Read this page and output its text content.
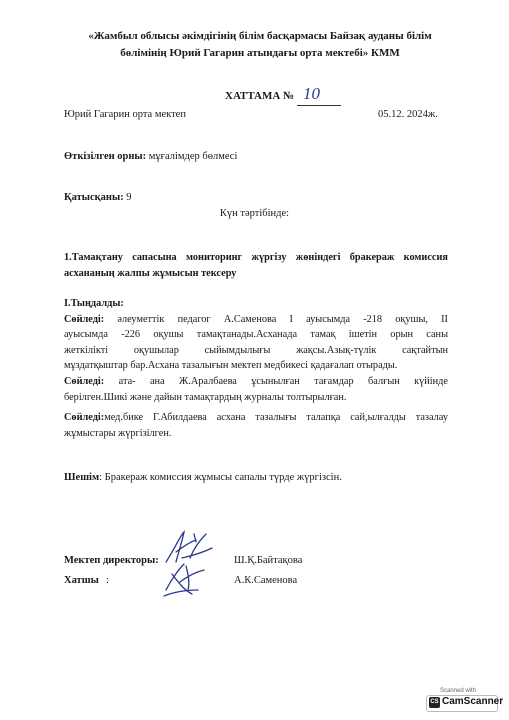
«Жамбыл облысы әкімдігінің білім басқармасы Байзақ ауданы білім
бөлімінің Юрий Гагарин атындағы орта мектебі» КММ
ХАТТАМА № 10
Юрий Гагарин орта мектеп	05.12. 2024ж.
Өткізілген орны: мұғалімдер бөлмесі
Қатысқаны: 9
Күн тәртібінде:
1.Тамақтану сапасына мониторинг жүргізу жөніндегі бракераж комиссия
асхананың жалпы жұмысын тексеру
І.Тыңдалды:
Сөйледі: әлеуметтік педагог А.Саменова І ауысымда -218 оқушы, ІІ
ауысымда -226 оқушы тамақтанады.Асханада тамақ ішетін орын саны
жеткілікті оқушылар сыйымдылығы жақсы.Азық-түлік сақтайтын
мұздатқыштар бар.Асхана тазалығын мектеп медбикесі қадағалап отырады.
Сөйледі: ата- ана Ж.Аралбаева ұсынылған тағамдар балғын күйінде
берілген.Шикі және дайын тамақтардың журналы толтырылған.
Сөйледі:мед.бике Г.Абилдаева асхана тазалығы талапқа сай,ылғалды тазалау
жұмыстары жүргізілген.
Шешім: Бракераж комиссия жұмысы сапалы түрде жүргізсін.
Мектеп директоры:	Ш.Қ.Байтақова
Хатшы :	А.К.Саменова
Scanned with
CS CamScanner
